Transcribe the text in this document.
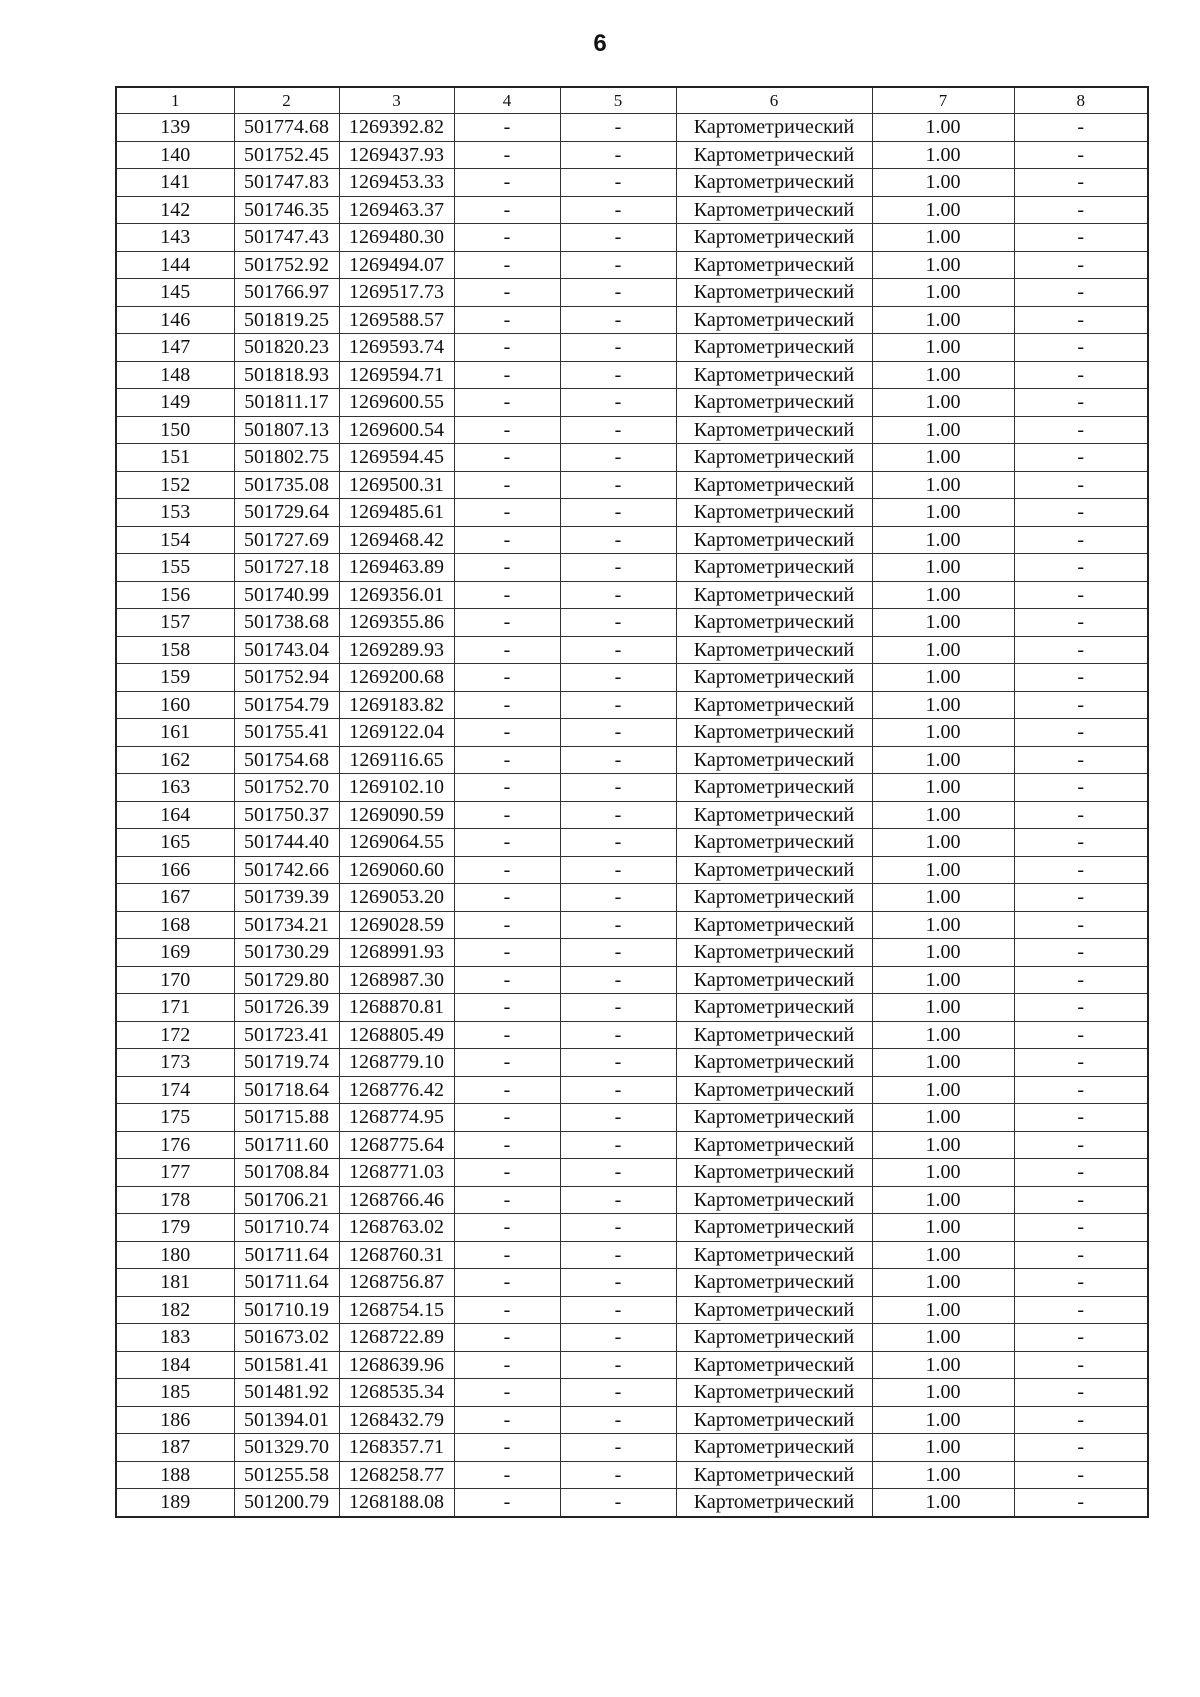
6
1	2	3	4	5	6	7	8
139	501774.68	1269392.82	-	-	Картометрический	1.00	-
140	501752.45	1269437.93	-	-	Картометрический	1.00	-
141	501747.83	1269453.33	-	-	Картометрический	1.00	-
142	501746.35	1269463.37	-	-	Картометрический	1.00	-
143	501747.43	1269480.30	-	-	Картометрический	1.00	-
144	501752.92	1269494.07	-	-	Картометрический	1.00	-
145	501766.97	1269517.73	-	-	Картометрический	1.00	-
146	501819.25	1269588.57	-	-	Картометрический	1.00	-
147	501820.23	1269593.74	-	-	Картометрический	1.00	-
148	501818.93	1269594.71	-	-	Картометрический	1.00	-
149	501811.17	1269600.55	-	-	Картометрический	1.00	-
150	501807.13	1269600.54	-	-	Картометрический	1.00	-
151	501802.75	1269594.45	-	-	Картометрический	1.00	-
152	501735.08	1269500.31	-	-	Картометрический	1.00	-
153	501729.64	1269485.61	-	-	Картометрический	1.00	-
154	501727.69	1269468.42	-	-	Картометрический	1.00	-
155	501727.18	1269463.89	-	-	Картометрический	1.00	-
156	501740.99	1269356.01	-	-	Картометрический	1.00	-
157	501738.68	1269355.86	-	-	Картометрический	1.00	-
158	501743.04	1269289.93	-	-	Картометрический	1.00	-
159	501752.94	1269200.68	-	-	Картометрический	1.00	-
160	501754.79	1269183.82	-	-	Картометрический	1.00	-
161	501755.41	1269122.04	-	-	Картометрический	1.00	-
162	501754.68	1269116.65	-	-	Картометрический	1.00	-
163	501752.70	1269102.10	-	-	Картометрический	1.00	-
164	501750.37	1269090.59	-	-	Картометрический	1.00	-
165	501744.40	1269064.55	-	-	Картометрический	1.00	-
166	501742.66	1269060.60	-	-	Картометрический	1.00	-
167	501739.39	1269053.20	-	-	Картометрический	1.00	-
168	501734.21	1269028.59	-	-	Картометрический	1.00	-
169	501730.29	1268991.93	-	-	Картометрический	1.00	-
170	501729.80	1268987.30	-	-	Картометрический	1.00	-
171	501726.39	1268870.81	-	-	Картометрический	1.00	-
172	501723.41	1268805.49	-	-	Картометрический	1.00	-
173	501719.74	1268779.10	-	-	Картометрический	1.00	-
174	501718.64	1268776.42	-	-	Картометрический	1.00	-
175	501715.88	1268774.95	-	-	Картометрический	1.00	-
176	501711.60	1268775.64	-	-	Картометрический	1.00	-
177	501708.84	1268771.03	-	-	Картометрический	1.00	-
178	501706.21	1268766.46	-	-	Картометрический	1.00	-
179	501710.74	1268763.02	-	-	Картометрический	1.00	-
180	501711.64	1268760.31	-	-	Картометрический	1.00	-
181	501711.64	1268756.87	-	-	Картометрический	1.00	-
182	501710.19	1268754.15	-	-	Картометрический	1.00	-
183	501673.02	1268722.89	-	-	Картометрический	1.00	-
184	501581.41	1268639.96	-	-	Картометрический	1.00	-
185	501481.92	1268535.34	-	-	Картометрический	1.00	-
186	501394.01	1268432.79	-	-	Картометрический	1.00	-
187	501329.70	1268357.71	-	-	Картометрический	1.00	-
188	501255.58	1268258.77	-	-	Картометрический	1.00	-
189	501200.79	1268188.08	-	-	Картометрический	1.00	-
